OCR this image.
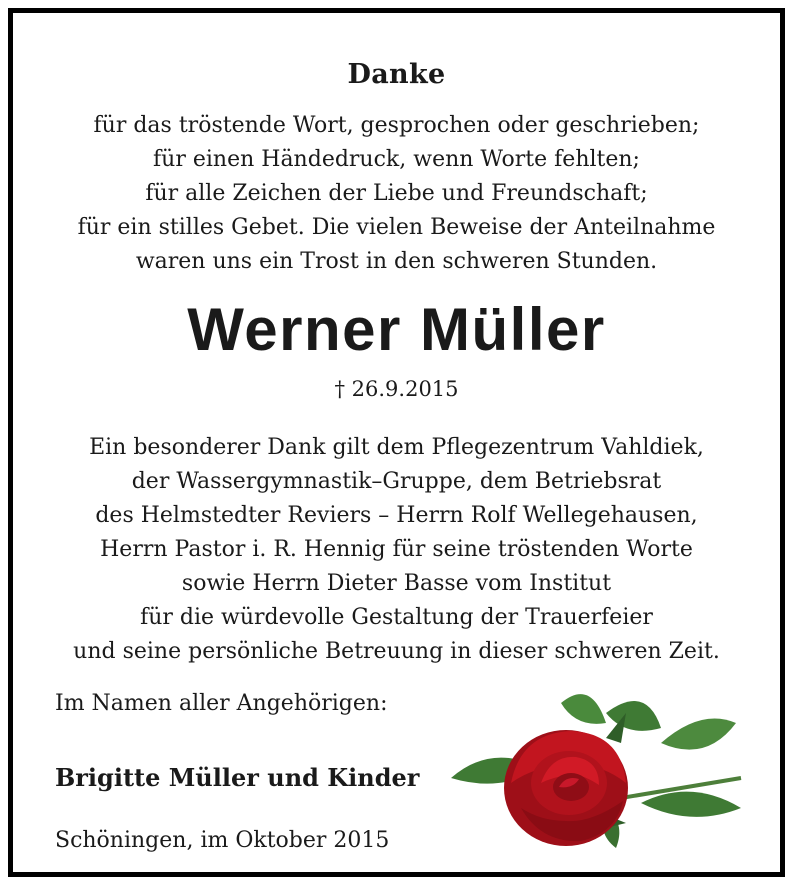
Danke
für das tröstende Wort, gesprochen oder geschrieben;
für einen Händedruck, wenn Worte fehlten;
für alle Zeichen der Liebe und Freundschaft;
für ein stilles Gebet. Die vielen Beweise der Anteilnahme
waren uns ein Trost in den schweren Stunden.
Werner Müller
† 26.9.2015
Ein besonderer Dank gilt dem Pflegezentrum Vahldiek,
der Wassergymnastik–Gruppe, dem Betriebsrat
des Helmstedter Reviers – Herrn Rolf Wellegehausen,
Herrn Pastor i. R. Hennig für seine tröstenden Worte
sowie Herrn Dieter Basse vom Institut
für die würdevolle Gestaltung der Trauerfeier
und seine persönliche Betreuung in dieser schweren Zeit.
Im Namen aller Angehörigen:
Brigitte Müller und Kinder
Schöningen, im Oktober 2015
